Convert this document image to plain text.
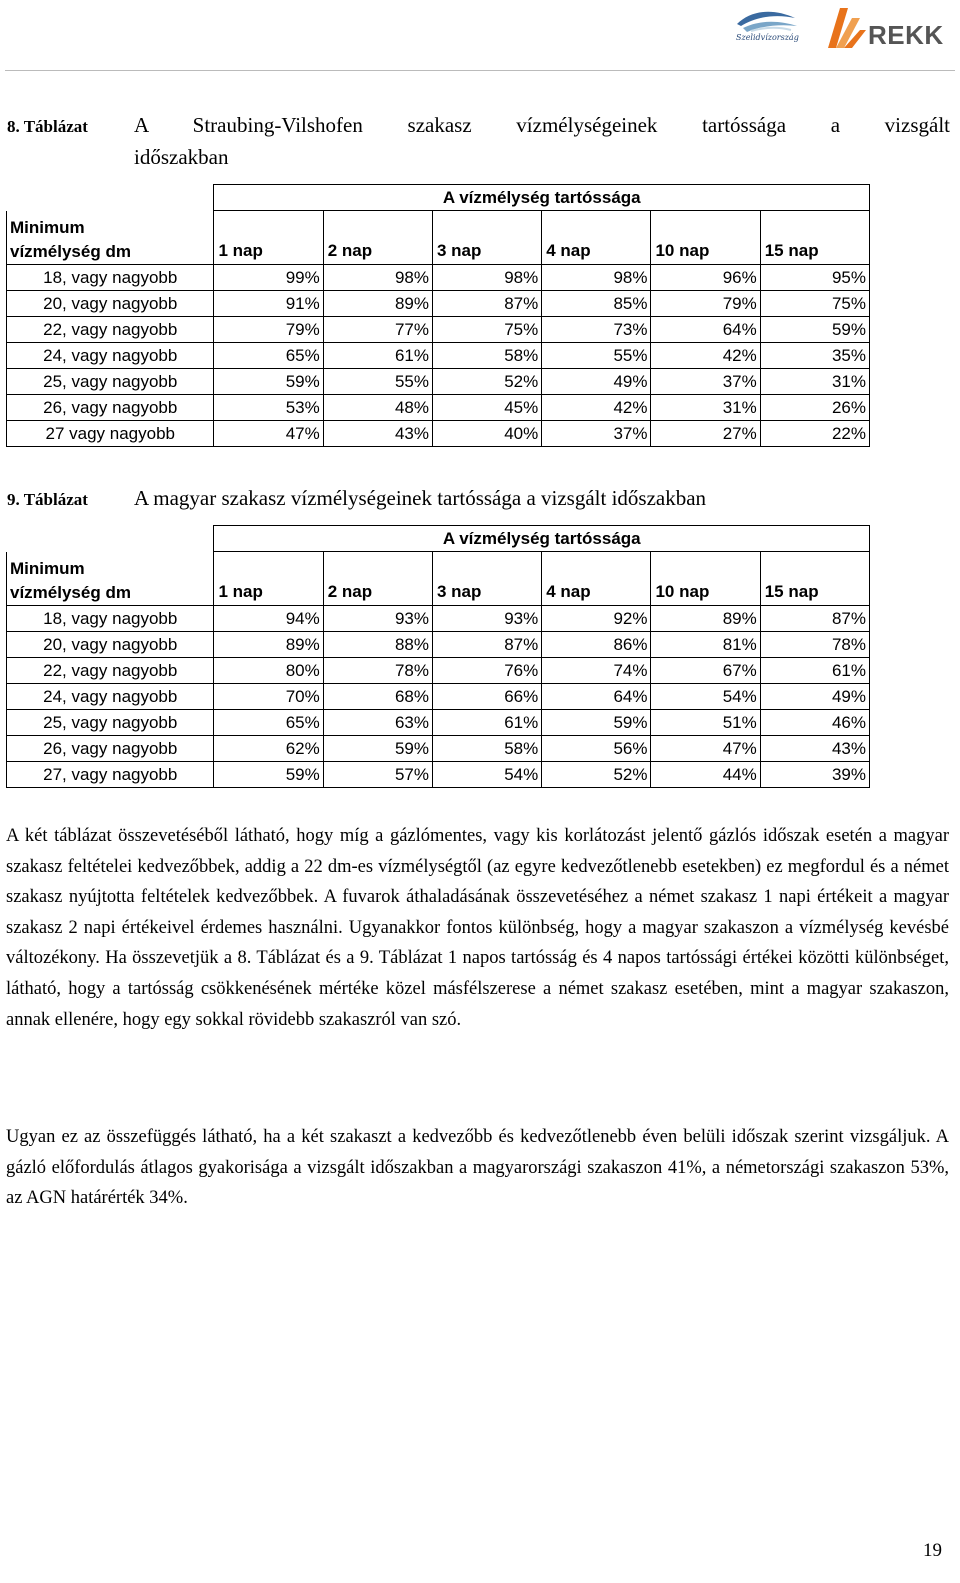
Szelidvízország	REKK
8. Táblázat A Straubing-Vilshofen szakasz vízmélységeinek tartóssága a vizsgált
időszakban
	A vízmélység tartóssága					
Minimum
vízmélység dm	1 nap	2 nap	3 nap	4 nap	10 nap	15 nap
18, vagy nagyobb	99%	98%	98%	98%	96%	95%
20, vagy nagyobb	91%	89%	87%	85%	79%	75%
22, vagy nagyobb	79%	77%	75%	73%	64%	59%
24, vagy nagyobb	65%	61%	58%	55%	42%	35%
25, vagy nagyobb	59%	55%	52%	49%	37%	31%
26, vagy nagyobb	53%	48%	45%	42%	31%	26%
27 vagy nagyobb	47%	43%	40%	37%	27%	22%
9. Táblázat A magyar szakasz vízmélységeinek tartóssága a vizsgált időszakban
	A vízmélység tartóssága					
Minimum
vízmélység dm	1 nap	2 nap	3 nap	4 nap	10 nap	15 nap
18, vagy nagyobb	94%	93%	93%	92%	89%	87%
20, vagy nagyobb	89%	88%	87%	86%	81%	78%
22, vagy nagyobb	80%	78%	76%	74%	67%	61%
24, vagy nagyobb	70%	68%	66%	64%	54%	49%
25, vagy nagyobb	65%	63%	61%	59%	51%	46%
26, vagy nagyobb	62%	59%	58%	56%	47%	43%
27, vagy nagyobb	59%	57%	54%	52%	44%	39%

A két táblázat összevetéséből látható, hogy míg a gázlómentes, vagy kis korlátozást jelentő gázlós időszak esetén a magyar szakasz feltételei kedvezőbbek, addig a 22 dm-es vízmélységtől (az egyre kedvezőtlenebb esetekben) ez megfordul és a német szakasz nyújtotta feltételek kedvezőbbek. A fuvarok áthaladásának összevetéséhez a német szakasz 1 napi értékeit a magyar szakasz 2 napi értékeivel érdemes használni. Ugyanakkor fontos különbség, hogy a magyar szakaszon a vízmélység kevésbé változékony. Ha összevetjük a 8. Táblázat és a 9. Táblázat 1 napos tartósság és 4 napos tartóssági értékei közötti különbséget, látható, hogy a tartósság csökkenésének mértéke közel másfélszerese a német szakasz esetében, mint a magyar szakaszon, annak ellenére, hogy egy sokkal rövidebb szakaszról van szó.

Ugyan ez az összefüggés látható, ha a két szakaszt a kedvezőbb és kedvezőtlenebb éven belüli időszak szerint vizsgáljuk. A gázló előfordulás átlagos gyakorisága a vizsgált időszakban a magyarországi szakaszon 41%, a németországi szakaszon 53%, az AGN határérték 34%.

19
